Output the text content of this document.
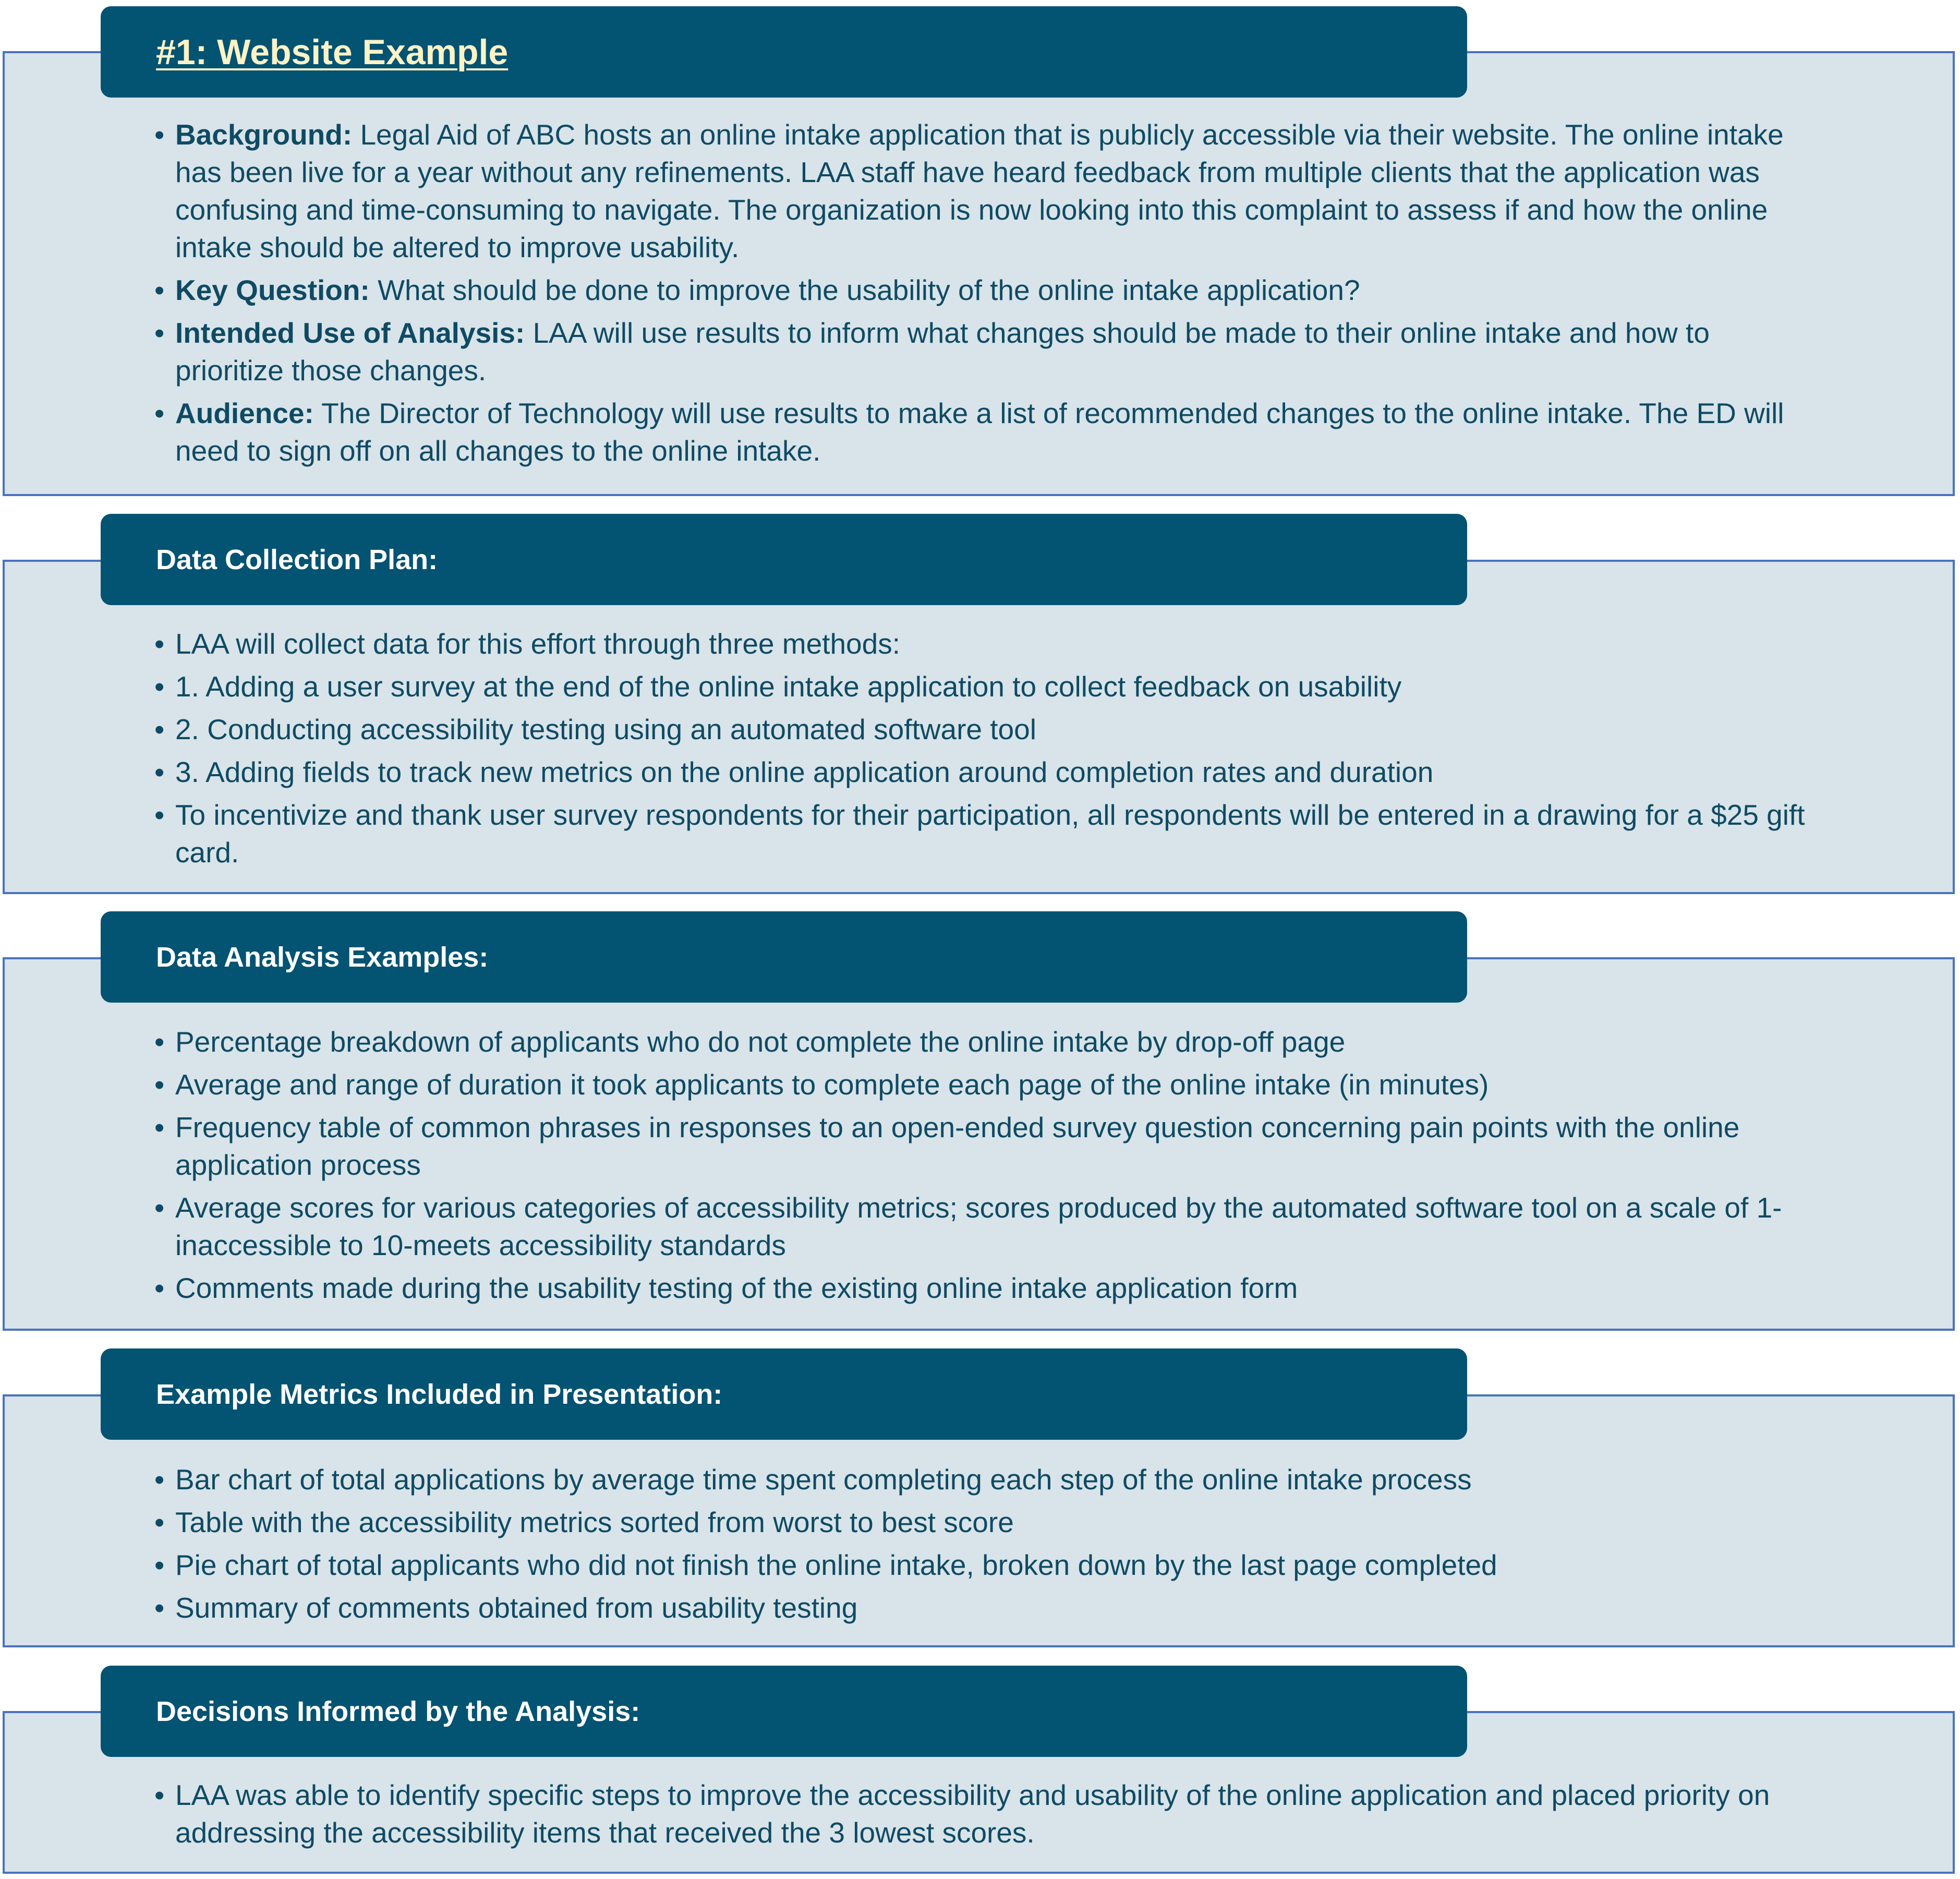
#1: Website Example
• Background: Legal Aid of ABC hosts an online intake application that is publicly accessible via their website. The online intake has been live for a year without any refinements. LAA staff have heard feedback from multiple clients that the application was confusing and time-consuming to navigate. The organization is now looking into this complaint to assess if and how the online intake should be altered to improve usability.
• Key Question: What should be done to improve the usability of the online intake application?
• Intended Use of Analysis: LAA will use results to inform what changes should be made to their online intake and how to prioritize those changes.
• Audience: The Director of Technology will use results to make a list of recommended changes to the online intake. The ED will need to sign off on all changes to the online intake.
Data Collection Plan:
• LAA will collect data for this effort through three methods:
• 1. Adding a user survey at the end of the online intake application to collect feedback on usability
• 2. Conducting accessibility testing using an automated software tool
• 3. Adding fields to track new metrics on the online application around completion rates and duration
• To incentivize and thank user survey respondents for their participation, all respondents will be entered in a drawing for a $25 gift card.
Data Analysis Examples:
• Percentage breakdown of applicants who do not complete the online intake by drop-off page
• Average and range of duration it took applicants to complete each page of the online intake (in minutes)
• Frequency table of common phrases in responses to an open-ended survey question concerning pain points with the online application process
• Average scores for various categories of accessibility metrics; scores produced by the automated software tool on a scale of 1-inaccessible to 10-meets accessibility standards
• Comments made during the usability testing of the existing online intake application form
Example Metrics Included in Presentation:
• Bar chart of total applications by average time spent completing each step of the online intake process
• Table with the accessibility metrics sorted from worst to best score
• Pie chart of total applicants who did not finish the online intake, broken down by the last page completed
• Summary of comments obtained from usability testing
Decisions Informed by the Analysis:
• LAA was able to identify specific steps to improve the accessibility and usability of the online application and placed priority on addressing the accessibility items that received the 3 lowest scores.
